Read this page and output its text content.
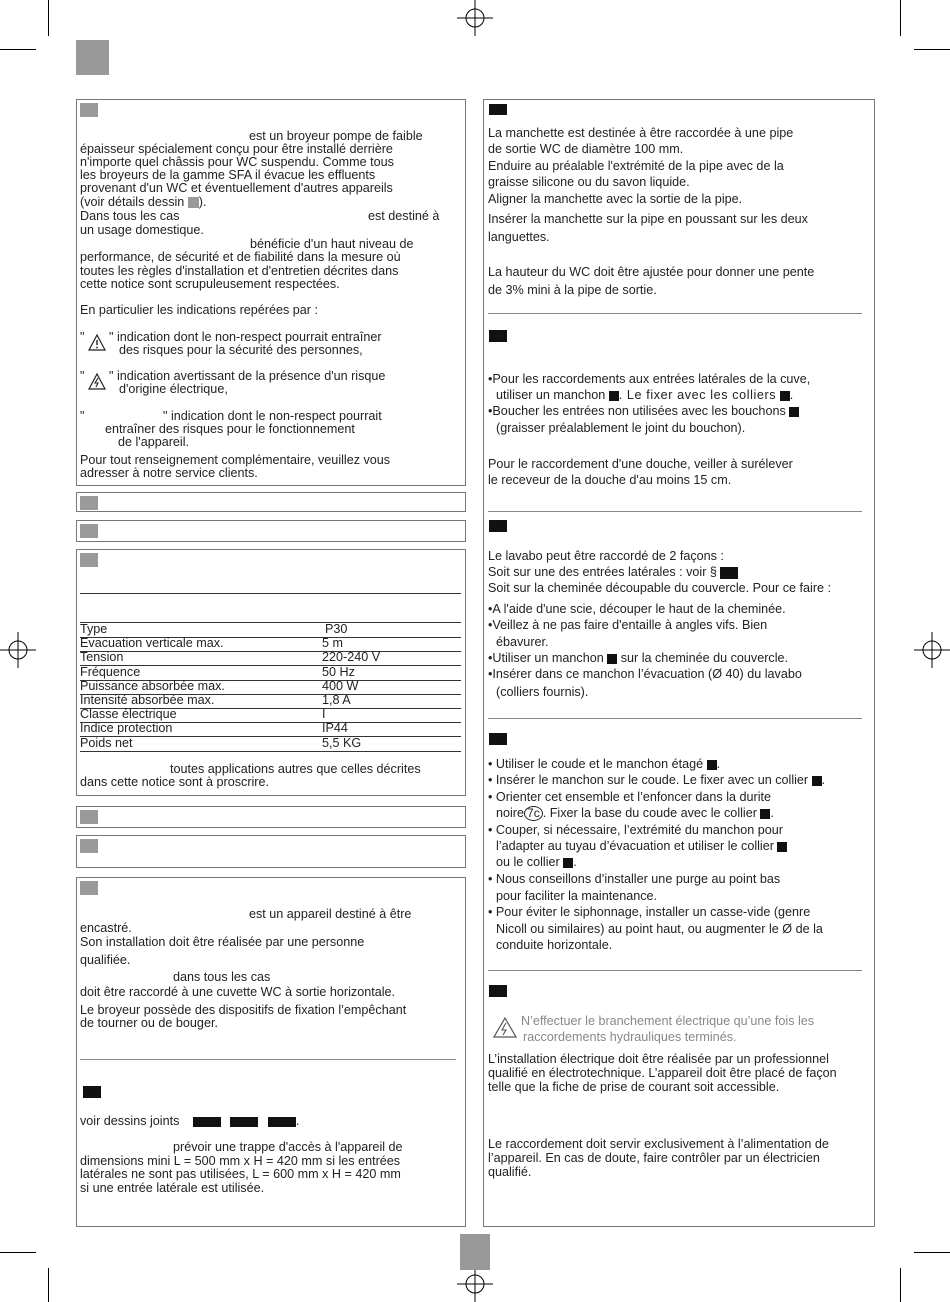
est un broyeur pompe de faible
épaisseur spécialement conçu pour être installé derrière
n'importe quel châssis pour WC suspendu. Comme tous
les broyeurs de la gamme SFA il évacue les effluents
provenant d'un WC et éventuellement d'autres appareils
(voir détails dessin ).
Dans tous les cas	est destiné à
un usage domestique.
bénéficie d'un haut niveau de
performance, de sécurité et de fiabilité dans la mesure où
toutes les règles d'installation et d'entretien décrites dans
cette notice sont scrupuleusement respectées.
En particulier les indications repérées par :
" " indication dont le non-respect pourrait entraîner
des risques pour la sécurité des personnes,
" " indication avertissant de la présence d'un risque
d'origine électrique,
"	" indication dont le non-respect pourrait
entraîner des risques pour le fonctionnement
de l'appareil.
Pour tout renseignement complémentaire, veuillez vous
adresser à notre service clients.
Type	P30
Evacuation verticale max.	5 m
Tension	220-240 V
Fréquence	50 Hz
Puissance absorbée max.	400 W
Intensité absorbée max.	1,8 A
Classe électrique	I
Indice protection	IP44
Poids net	5,5 KG
toutes applications autres que celles décrites
dans cette notice sont à proscrire.
est un appareil destiné à être
encastré.
Son installation doit être réalisée par une personne
qualifiée.
dans tous les cas
doit être raccordé à une cuvette WC à sortie horizontale.
Le broyeur possède des dispositifs de fixation l’empêchant
de tourner ou de bouger.
voir dessins joints	.
prévoir une trappe d'accès à l'appareil de
dimensions mini L = 500 mm x H = 420 mm si les entrées
latérales ne sont pas utilisées, L = 600 mm x H = 420 mm
si une entrée latérale est utilisée.
La manchette est destinée à être raccordée à une pipe
de sortie WC de diamètre 100 mm.
Enduire au préalable l'extrémité de la pipe avec de la
graisse silicone ou du savon liquide.
Aligner la manchette avec la sortie de la pipe.
Insérer la manchette sur la pipe en poussant sur les deux
languettes.
La hauteur du WC doit être ajustée pour donner une pente
de 3% mini à la pipe de sortie.
•Pour les raccordements aux entrées latérales de la cuve,
utiliser un manchon . Le fixer avec les colliers .
•Boucher les entrées non utilisées avec les bouchons
(graisser préalablement le joint du bouchon).
Pour le raccordement d'une douche, veiller à surélever
le receveur de la douche d'au moins 15 cm.
Le lavabo peut être raccordé de 2 façons :
Soit sur une des entrées latérales : voir §
Soit sur la cheminée découpable du couvercle. Pour ce faire :
•A l'aide d'une scie, découper le haut de la cheminée.
•Veillez à ne pas faire d'entaille à angles vifs. Bien
ébavurer.
•Utiliser un manchon sur la cheminée du couvercle.
•Insérer dans ce manchon l’évacuation (Ø 40) du lavabo
(colliers fournis).
• Utiliser le coude et le manchon étagé .
• Insérer le manchon sur le coude. Le fixer avec un collier .
• Orienter cet ensemble et l’enfoncer dans la durite
noire 7c . Fixer la base du coude avec le collier .
• Couper, si nécessaire, l’extrémité du manchon pour
l’adapter au tuyau d’évacuation et utiliser le collier
ou le collier .
• Nous conseillons d’installer une purge au point bas
pour faciliter la maintenance.
• Pour éviter le siphonnage, installer un casse-vide (genre
Nicoll ou similaires) au point haut, ou augmenter le Ø de la
conduite horizontale.
N’effectuer le branchement électrique qu’une fois les
raccordements hydrauliques terminés.
L’installation électrique doit être réalisée par un professionnel
qualifié en électrotechnique. L’appareil doit être placé de façon
telle que la fiche de prise de courant soit accessible.
Le raccordement doit servir exclusivement à l’alimentation de
l’appareil. En cas de doute, faire contrôler par un électricien
qualifié.
